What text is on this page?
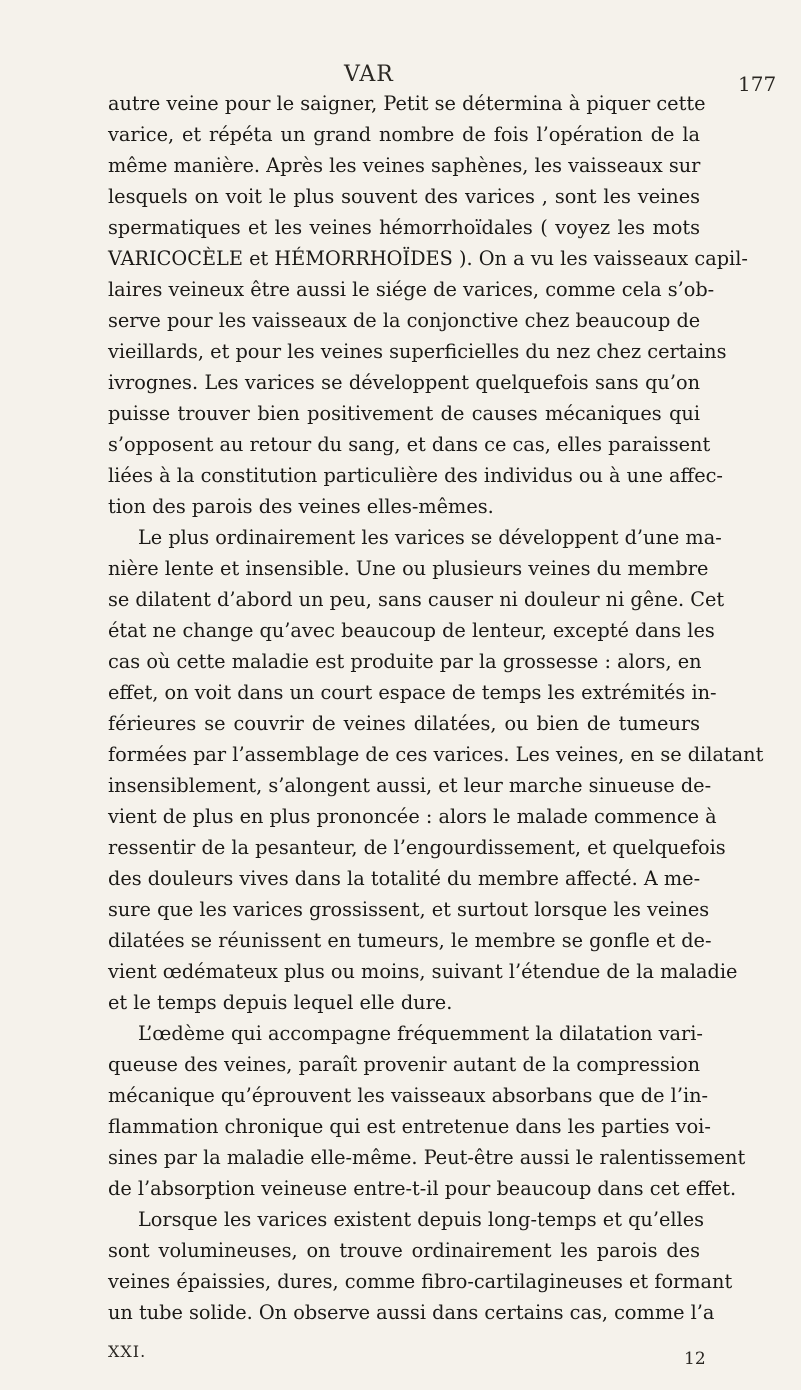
VAR	177
autre veine pour le saigner, Petit se détermina à piquer cette
varice, et répéta un grand nombre de fois l’opération de la
même manière. Après les veines saphènes, les vaisseaux sur
lesquels on voit le plus souvent des varices , sont les veines
spermatiques et les veines hémorrhoïdales ( voyez les mots
VARICOCÈLE et HÉMORRHOÏDES ). On a vu les vaisseaux capil-
laires veineux être aussi le siége de varices, comme cela s’ob-
serve pour les vaisseaux de la conjonctive chez beaucoup de
vieillards, et pour les veines superficielles du nez chez certains
ivrognes. Les varices se développent quelquefois sans qu’on
puisse trouver bien positivement de causes mécaniques qui
s’opposent au retour du sang, et dans ce cas, elles paraissent
liées à la constitution particulière des individus ou à une affec-
tion des parois des veines elles-mêmes.
Le plus ordinairement les varices se développent d’une ma-
nière lente et insensible. Une ou plusieurs veines du membre
se dilatent d’abord un peu, sans causer ni douleur ni gêne. Cet
état ne change qu’avec beaucoup de lenteur, excepté dans les
cas où cette maladie est produite par la grossesse : alors, en
effet, on voit dans un court espace de temps les extrémités in-
férieures se couvrir de veines dilatées, ou bien de tumeurs
formées par l’assemblage de ces varices. Les veines, en se dilatant
insensiblement, s’alongent aussi, et leur marche sinueuse de-
vient de plus en plus prononcée : alors le malade commence à
ressentir de la pesanteur, de l’engourdissement, et quelquefois
des douleurs vives dans la totalité du membre affecté. A me-
sure que les varices grossissent, et surtout lorsque les veines
dilatées se réunissent en tumeurs, le membre se gonfle et de-
vient œdémateux plus ou moins, suivant l’étendue de la maladie
et le temps depuis lequel elle dure.
L’œdème qui accompagne fréquemment la dilatation vari-
queuse des veines, paraît provenir autant de la compression
mécanique qu’éprouvent les vaisseaux absorbans que de l’in-
flammation chronique qui est entretenue dans les parties voi-
sines par la maladie elle-même. Peut-être aussi le ralentissement
de l’absorption veineuse entre-t-il pour beaucoup dans cet effet.
Lorsque les varices existent depuis long-temps et qu’elles
sont volumineuses, on trouve ordinairement les parois des
veines épaissies, dures, comme fibro-cartilagineuses et formant
un tube solide. On observe aussi dans certains cas, comme l’a
XXI.	12
